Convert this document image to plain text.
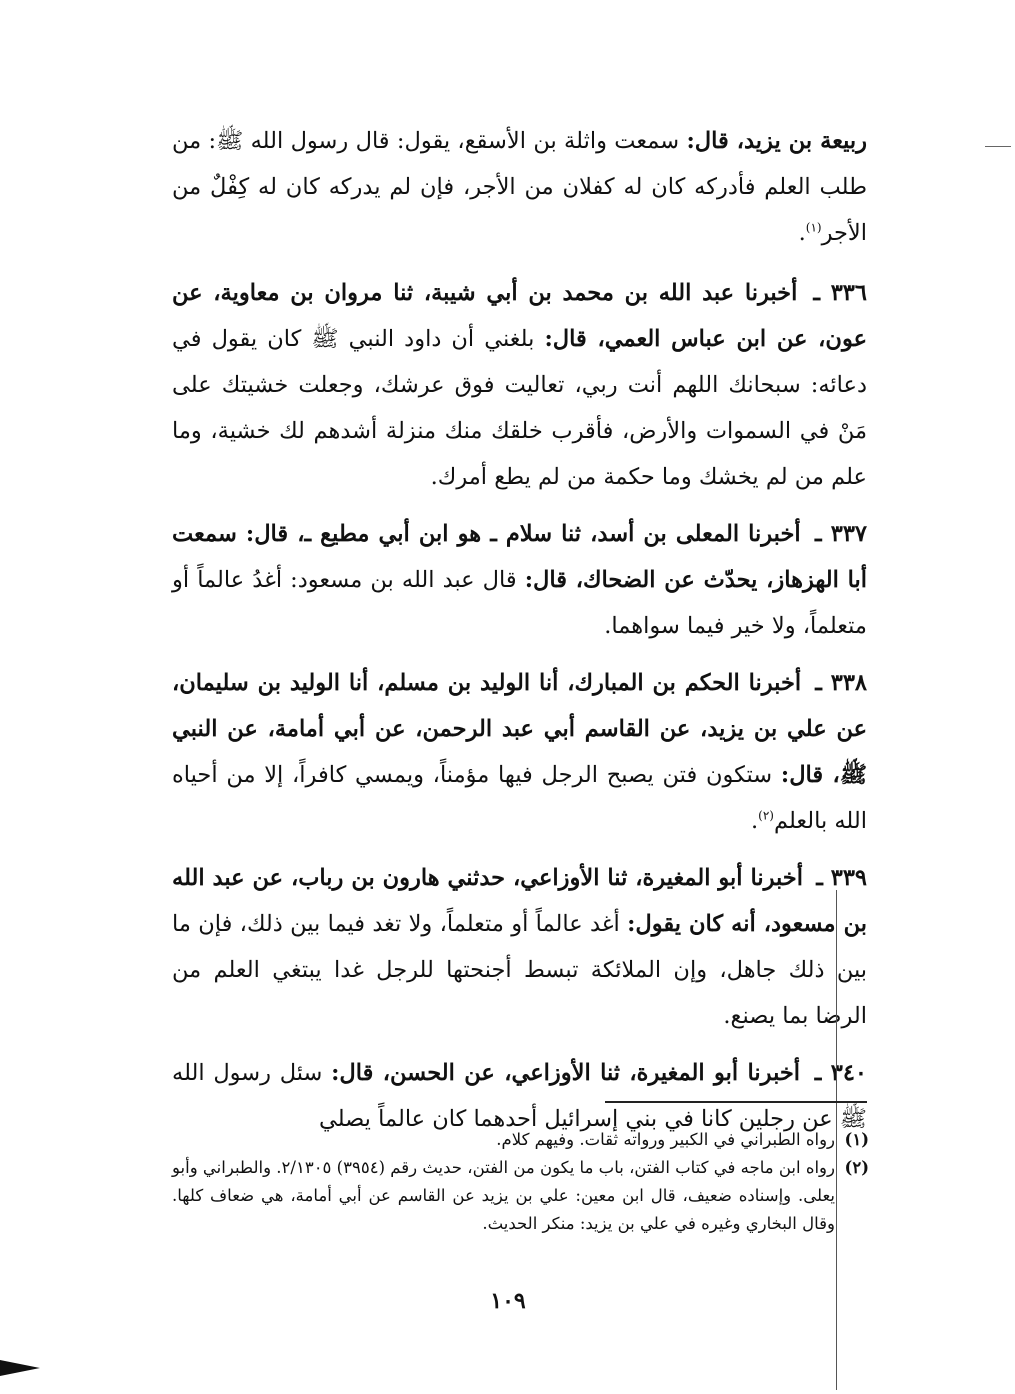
ربيعة بن يزيد، قال: سمعت واثلة بن الأسقع، يقول: قال رسول الله ﷺ: من طلب العلم فأدركه كان له كفلان من الأجر، فإن لم يدركه كان له كِفْلٌ من الأجر$^{(١)}$.

٣٣٦ ـ أخبرنا عبد الله بن محمد بن أبي شيبة، ثنا مروان بن معاوية، عن عون، عن ابن عباس العمي، قال: بلغني أن داود النبي ﷺ كان يقول في دعائه: سبحانك اللهم أنت ربي، تعاليت فوق عرشك، وجعلت خشيتك على مَنْ في السموات والأرض، فأقرب خلقك منك منزلة أشدهم لك خشية، وما علم من لم يخشك وما حكمة من لم يطع أمرك.

٣٣٧ ـ أخبرنا المعلى بن أسد، ثنا سلام ـ هو ابن أبي مطيع ـ، قال: سمعت أبا الهزهاز، يحدّث عن الضحاك، قال: قال عبد الله بن مسعود: أغدُ عالماً أو متعلماً، ولا خير فيما سواهما.

٣٣٨ ـ أخبرنا الحكم بن المبارك، أنا الوليد بن مسلم، أنا الوليد بن سليمان، عن علي بن يزيد، عن القاسم أبي عبد الرحمن، عن أبي أمامة، عن النبي ﷺ، قال: ستكون فتن يصبح الرجل فيها مؤمناً، ويمسي كافراً، إلا من أحياه الله بالعلم$^{(٢)}$.

٣٣٩ ـ أخبرنا أبو المغيرة، ثنا الأوزاعي، حدثني هارون بن رباب، عن عبد الله بن مسعود، أنه كان يقول: أغد عالماً أو متعلماً، ولا تغد فيما بين ذلك، فإن ما بين ذلك جاهل، وإن الملائكة تبسط أجنحتها للرجل غدا يبتغي العلم من الرضا بما يصنع.

٣٤٠ ـ أخبرنا أبو المغيرة، ثنا الأوزاعي، عن الحسن، قال: سئل رسول الله ﷺ عن رجلين كانا في بني إسرائيل أحدهما كان عالماً يصلي

(١)
رواه الطبراني في الكبير ورواته ثقات. وفيهم كلام.
(٢)
رواه ابن ماجه في كتاب الفتن، باب ما يكون من الفتن، حديث رقم (٣٩٥٤) ٢/١٣٠٥. والطبراني وأبو يعلى. وإسناده ضعيف، قال ابن معين: علي بن يزيد عن القاسم عن أبي أمامة، هي ضعاف كلها. وقال البخاري وغيره في علي بن يزيد: منكر الحديث.
١٠٩
